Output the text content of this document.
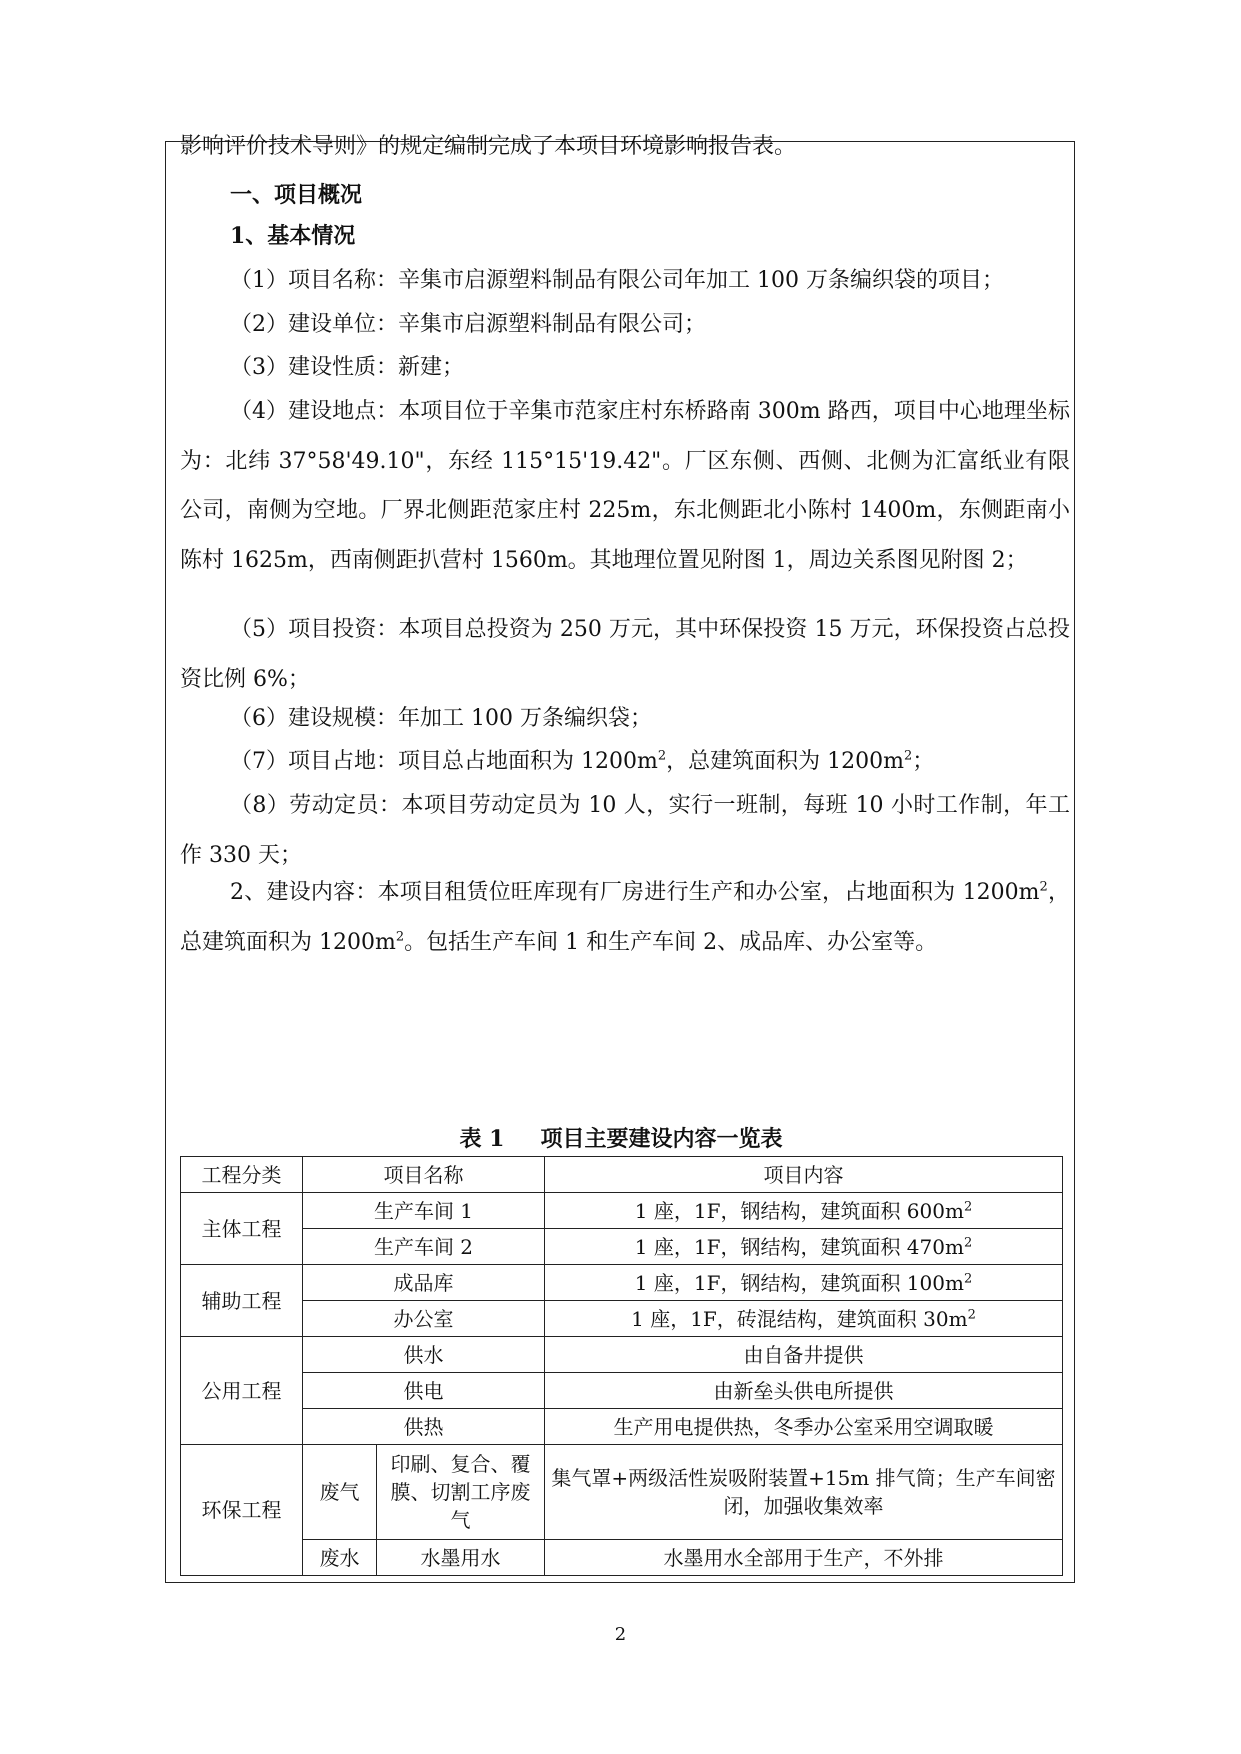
影响评价技术导则》的规定编制完成了本项目环境影响报告表。

一、项目概况

1、基本情况

（1）项目名称：辛集市启源塑料制品有限公司年加工 100 万条编织袋的项目；

（2）建设单位：辛集市启源塑料制品有限公司；

（3）建设性质：新建；

（4）建设地点：本项目位于辛集市范家庄村东桥路南 300m 路西，项目中心地理坐标为：北纬 37°58'49.10"，东经 115°15'19.42"。厂区东侧、西侧、北侧为汇富纸业有限公司，南侧为空地。厂界北侧距范家庄村 225m，东北侧距北小陈村 1400m，东侧距南小陈村 1625m，西南侧距扒营村 1560m。其地理位置见附图 1，周边关系图见附图 2；

（5）项目投资：本项目总投资为 250 万元，其中环保投资 15 万元，环保投资占总投资比例 6%；

（6）建设规模：年加工 100 万条编织袋；

（7）项目占地：项目总占地面积为 $1200m^2$，总建筑面积为 $1200m^2$；

（8）劳动定员：本项目劳动定员为 10 人，实行一班制，每班 10 小时工作制，年工作 330 天；

2、建设内容：本项目租赁位旺库现有厂房进行生产和办公室，占地面积为 $1200m^2$，总建筑面积为 $1200m^2$。包括生产车间 1 和生产车间 2、成品库、办公室等。

表 1 项目主要建设内容一览表

工程分类	项目名称		项目内容
主体工程	生产车间 1		1 座，1F，钢结构，建筑面积 $600m^2$
	生产车间 2		1 座，1F，钢结构，建筑面积 $470m^2$
辅助工程	成品库		1 座，1F，钢结构，建筑面积 $100m^2$
	办公室		1 座，1F，砖混结构，建筑面积 $30m^2$
公用工程	供水		由自备井提供
	供电		由新垒头供电所提供
	供热		生产用电提供热，冬季办公室采用空调取暖
环保工程	废气	印刷、复合、覆膜、切割工序废气	集气罩+两级活性炭吸附装置+15m 排气筒；生产车间密闭，加强收集效率
	废水	水墨用水	水墨用水全部用于生产，不外排
2
